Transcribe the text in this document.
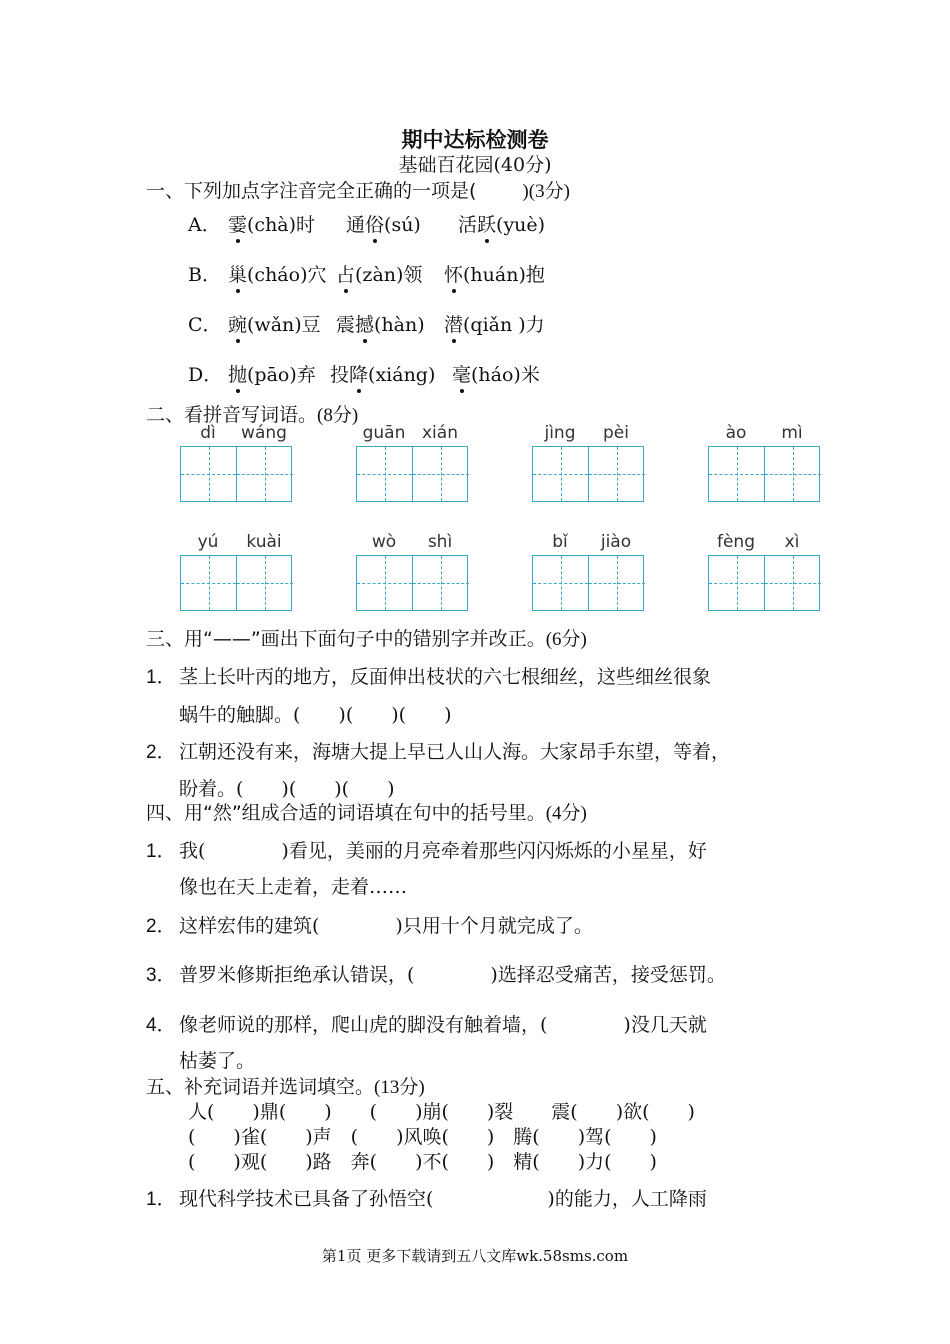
期中达标检测卷
基础百花园(40分)
一、下列加点字注音完全正确的一项是( )(3分)
A． 霎(chà)时 通俗(sú) 活跃(yuè)
B． 巢(cháo)穴 占(zàn)领 怀(huán)抱
C． 豌(wǎn)豆 震撼(hàn) 潜(qiǎn )力
D． 抛(pāo)弃 投降(xiáng) 毫(háo)米
二、看拼音写词语。(8分)
dì	wáng	guān xián	jìng	pèi	ào	mì
yú	kuài	wò	shì	bǐ	jiào	fèng	xì
三、用“——”画出下面句子中的错别字并改正。(6分)
1． 茎上长叶丙的地方，反面伸出枝状的六七根细丝，这些细丝很象
蜗牛的触脚。(　　)(　　)(　　)
2． 江朝还没有来，海塘大提上早已人山人海。大家昂手东望，等着，
盼着。(　　)(　　)(　　)
四、用“然”组成合适的词语填在句中的括号里。(4分)
1． 我(　　　　)看见，美丽的月亮牵着那些闪闪烁烁的小星星，好
像也在天上走着，走着……
2． 这样宏伟的建筑(　　　　)只用十个月就完成了。
3． 普罗米修斯拒绝承认错误，(　　　　)选择忍受痛苦，接受惩罚。
4． 像老师说的那样，爬山虎的脚没有触着墙，(　　　　)没几天就
枯萎了。
五、补充词语并选词填空。(13分)
人(　　)鼎(　　)　　(　　)崩(　　)裂　　震(　　)欲(　　)
(　　)雀(　　)声　(　　)风唤(　　)　腾(　　)驾(　　)
(　　)观(　　)路　奔(　　)不(　　)　精(　　)力(　　)
1． 现代科学技术已具备了孙悟空(　　　　　　)的能力，人工降雨
第1页 更多下载请到五八文库wk.58sms.com
